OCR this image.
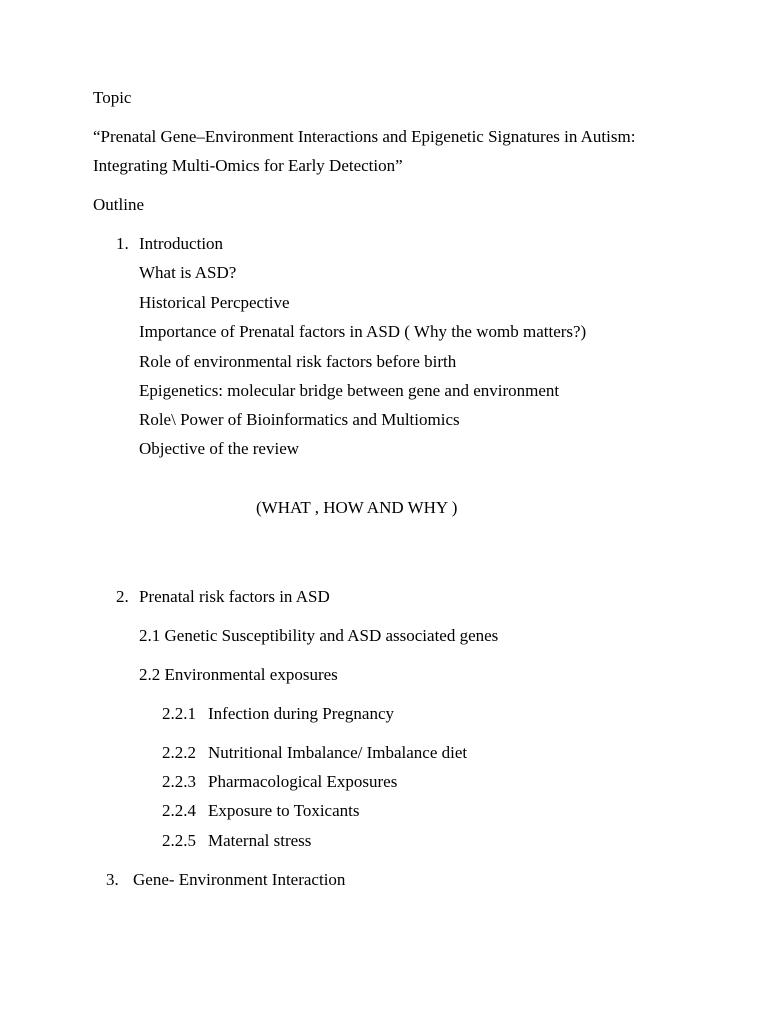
Topic
“Prenatal Gene–Environment Interactions and Epigenetic Signatures in Autism:
Integrating Multi-Omics for Early Detection”
Outline
1. Introduction
What is ASD?
Historical Percpective
Importance of Prenatal factors in ASD ( Why the womb matters?)
Role of environmental risk factors before birth
Epigenetics: molecular bridge between gene and environment
Role\ Power of Bioinformatics and Multiomics
Objective of the review
(WHAT , HOW AND WHY )
2. Prenatal risk factors in ASD
2.1 Genetic Susceptibility and ASD associated genes
2.2 Environmental exposures
2.2.1 Infection during Pregnancy
2.2.2 Nutritional Imbalance/ Imbalance diet
2.2.3 Pharmacological Exposures
2.2.4 Exposure to Toxicants
2.2.5 Maternal stress
3. Gene- Environment Interaction
